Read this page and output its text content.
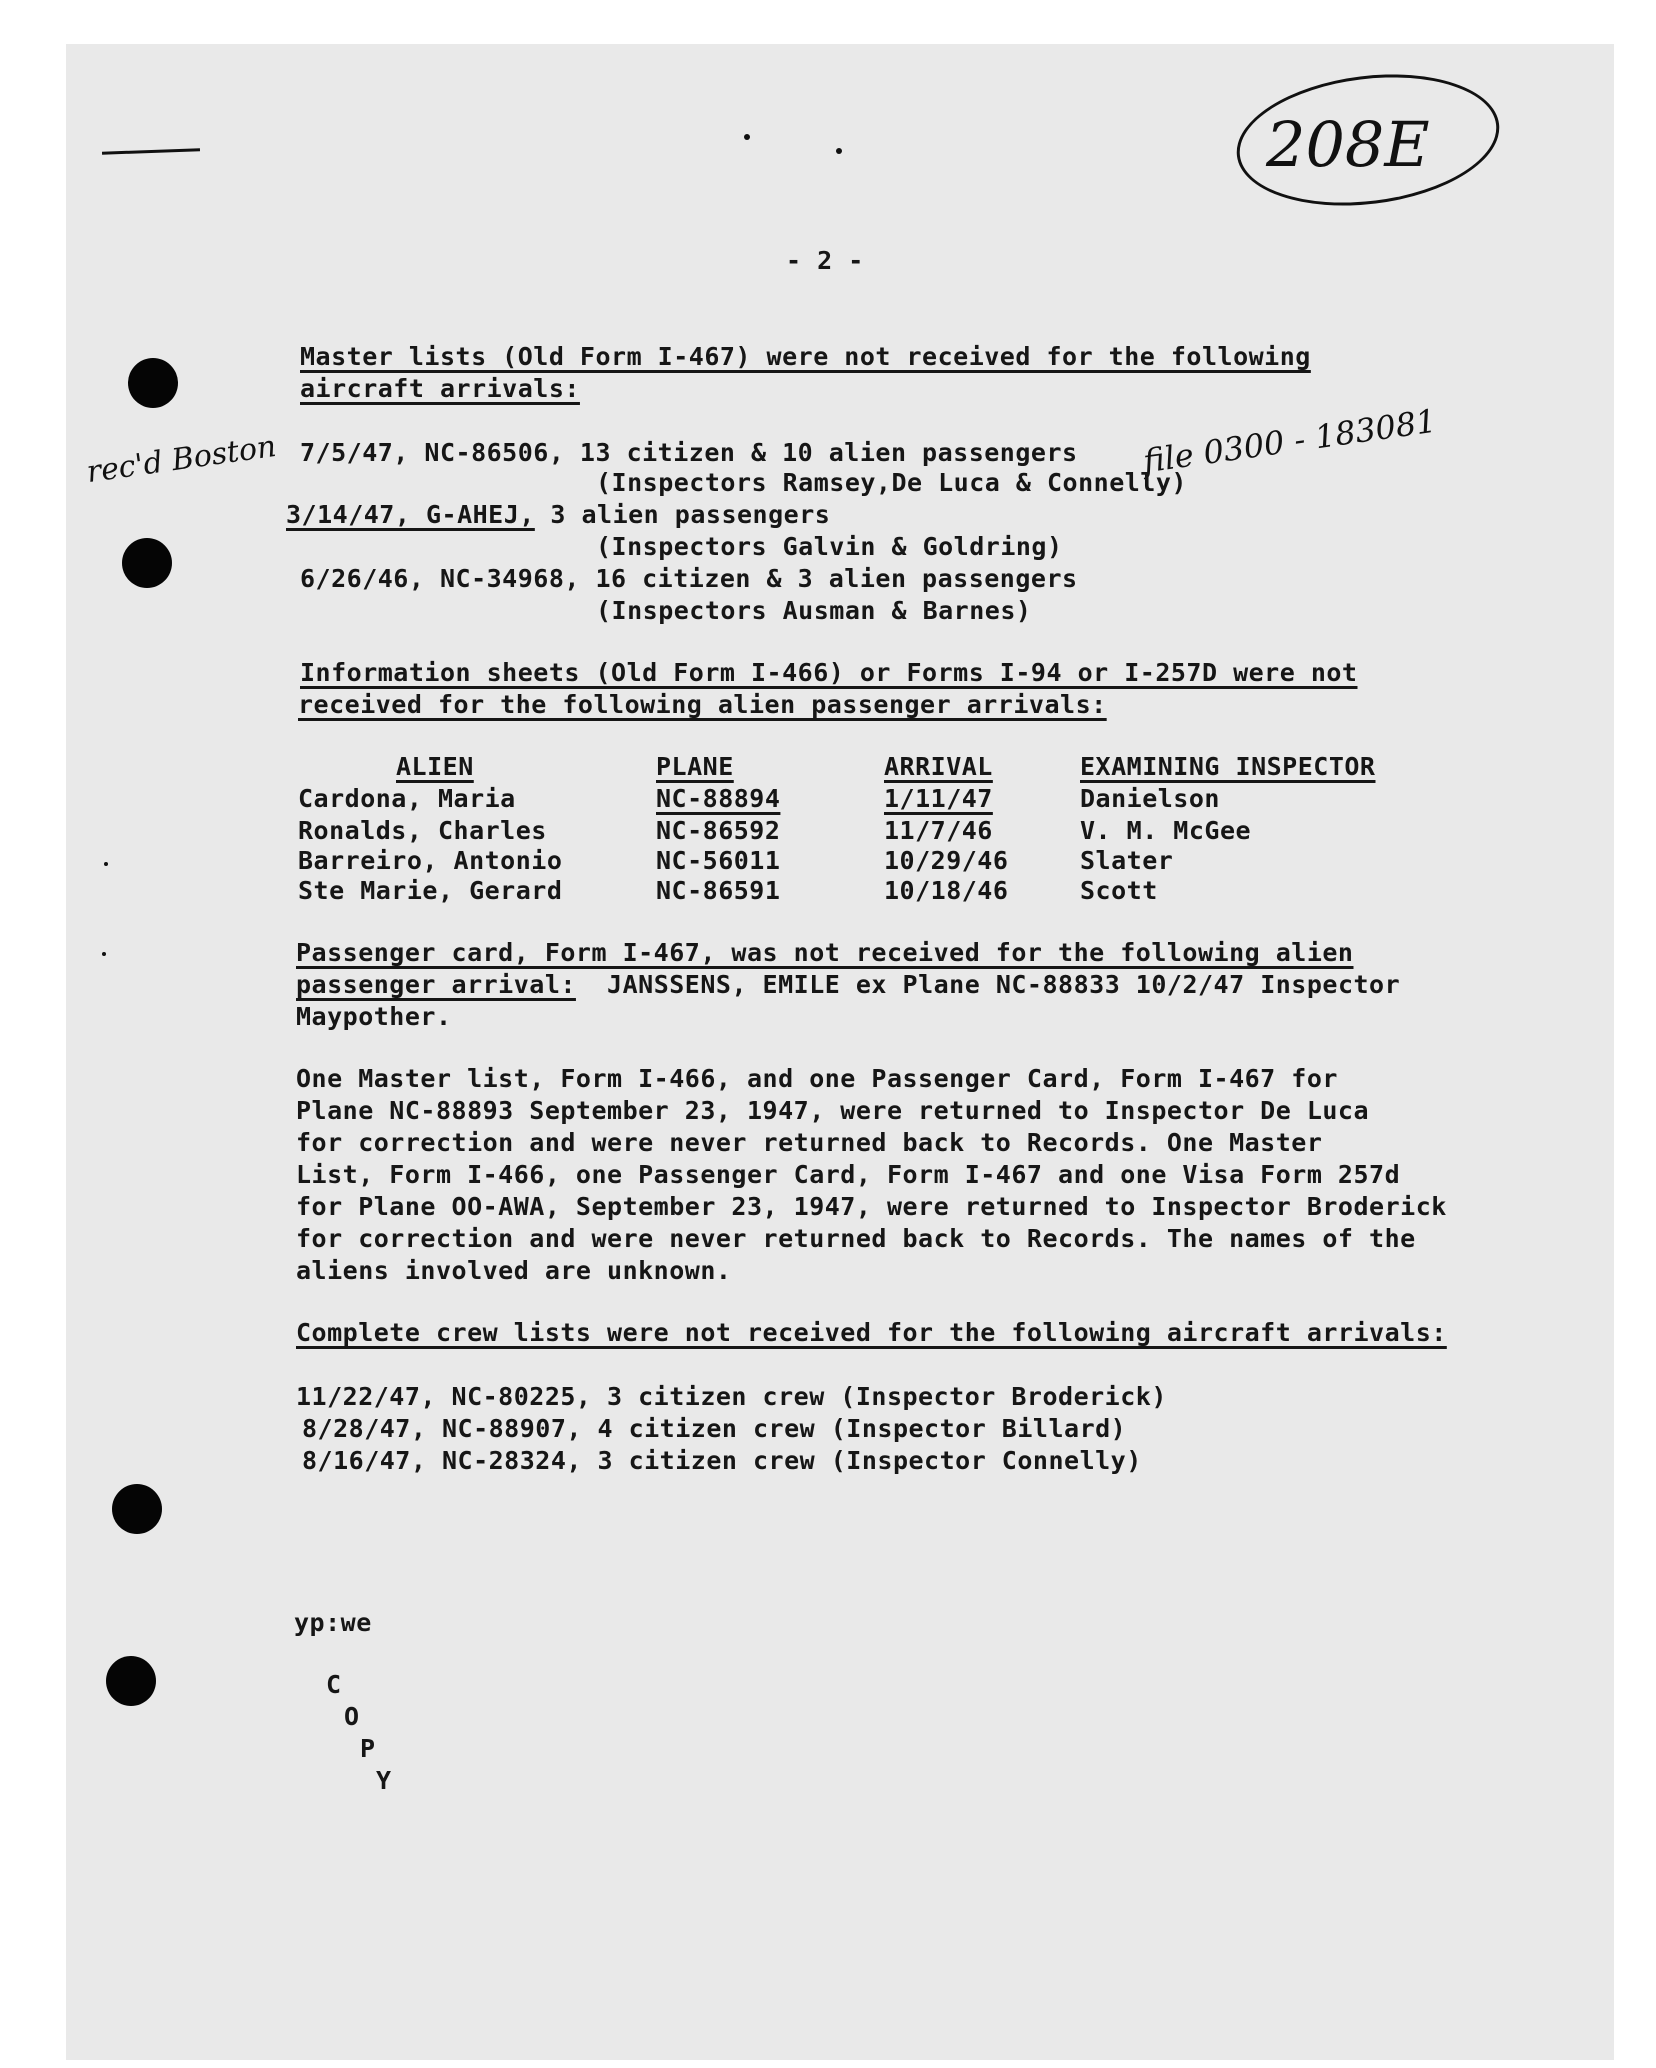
208E
rec'd Boston	file 0300 - 183081
- 2 -
Master lists (Old Form I-467) were not received for the following
aircraft arrivals:
7/5/47, NC-86506, 13 citizen & 10 alien passengers
(Inspectors Ramsey,De Luca & Connelly)
3/14/47, G-AHEJ, 3 alien passengers
(Inspectors Galvin & Goldring)
6/26/46, NC-34968, 16 citizen & 3 alien passengers
(Inspectors Ausman & Barnes)
Information sheets (Old Form I-466) or Forms I-94 or I-257D were not
received for the following alien passenger arrivals:
ALIEN	PLANE	ARRIVAL	EXAMINING INSPECTOR
Cardona, Maria	NC-88894	1/11/47	Danielson
Ronalds, Charles	NC-86592	11/7/46	V. M. McGee
Barreiro, Antonio	NC-56011	10/29/46	Slater
Ste Marie, Gerard	NC-86591	10/18/46	Scott
Passenger card, Form I-467, was not received for the following alien
passenger arrival: JANSSENS, EMILE ex Plane NC-88833 10/2/47 Inspector
Maypother.
One Master list, Form I-466, and one Passenger Card, Form I-467 for
Plane NC-88893 September 23, 1947, were returned to Inspector De Luca
for correction and were never returned back to Records. One Master
List, Form I-466, one Passenger Card, Form I-467 and one Visa Form 257d
for Plane OO-AWA, September 23, 1947, were returned to Inspector Broderick
for correction and were never returned back to Records. The names of the
aliens involved are unknown.
Complete crew lists were not received for the following aircraft arrivals:
11/22/47, NC-80225, 3 citizen crew (Inspector Broderick)
8/28/47, NC-88907, 4 citizen crew (Inspector Billard)
8/16/47, NC-28324, 3 citizen crew (Inspector Connelly)
yp:we
C
O
P
Y
